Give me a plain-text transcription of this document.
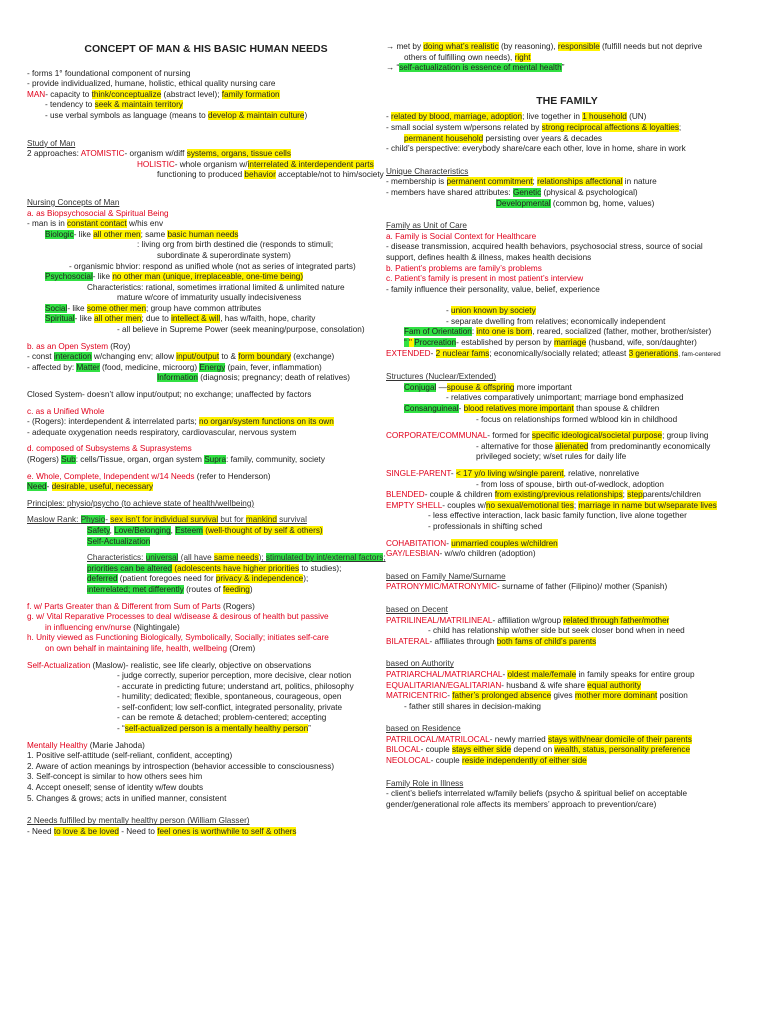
CONCEPT OF MAN & HIS BASIC HUMAN NEEDS
- forms 1° foundational component of nursing
- provide individualized, humane, holistic, ethical quality nursing care
MAN- capacity to think/conceptualize (abstract level); family formation
- tendency to seek & maintain territory
- use verbal symbols as language (means to develop & maintain culture)
Study of Man
2 approaches: ATOMISTIC- organism w/diff systems, organs, tissue cells
HOLISTIC- whole organism w/interrelated & interdependent parts
functioning to produced behavior acceptable/not to him/society
Nursing Concepts of Man
a. as Biopsychosocial & Spiritual Being
- man is in constant contact w/his env
Biologic- like all other men; same basic human needs
: living org from birth destined die (responds to stimuli;
subordinate & superordinate system)
- organismic bhvior: respond as unified whole (not as series of integrated parts)
Psychosocial- like no other man (unique, irreplaceable, one-time being)
Characteristics: rational, sometimes irrational limited & unlimited nature
mature w/core of immaturity usually indecisiveness
Social- like some other men; group have common attributes
Spiritual- like all other men; due to intellect & will, has w/faith, hope, charity
- all believe in Supreme Power (seek meaning/purpose, consolation)
b. as an Open System (Roy)
- const interaction w/changing env; allow input/output to & form boundary (exchange)
- affected by: Matter (food, medicine, microorg) Energy (pain, fever, inflammation)
Information (diagnosis; pregnancy; death of relatives)
Closed System- doesn’t allow input/output; no exchange; unaffected by factors
c. as a Unified Whole
- (Rogers): interdependent & interrelated parts; no organ/system functions on its own
- adequate oxygenation needs respiratory, cardiovascular, nervous system
d. composed of Subsystems & Suprasystems
(Rogers) Sub: cells/Tissue, organ, organ system Supra: family, community, society
e. Whole, Complete, Independent w/14 Needs (refer to Henderson)
Need- desirable, useful, necessary
Principles: physio/psycho (to achieve state of health/wellbeing)
Maslow Rank: Physio- sex isn’t for individual survival but for mankind survival
Safety, Love/Belonging, Esteem (well-thought of by self & others)
Self-Actualization
Characteristics: universal (all have same needs); stimulated by int/external factors;
priorities can be altered (adolescents have higher priorities to studies);
deferred (patient foregoes need for privacy & independence);
interrelated; met differently (routes of feeding)
f. w/ Parts Greater than & Different from Sum of Parts (Rogers)
g. w/ Vital Reparative Processes to deal w/disease & desirous of health but passive
in influencing env/nurse (Nightingale)
h. Unity viewed as Functioning Biologically, Symbolically, Socially; initiates self-care
on own behalf in maintaining life, health, wellbeing (Orem)
Self-Actualization (Maslow)- realistic, see life clearly, objective on observations
- judge correctly, superior perception, more decisive, clear notion
- accurate in predicting future; understand art, politics, philosophy
- humility; dedicated; flexible, spontaneous, courageous, open
- self-confident; low self-conflict, integrated personality, private
- can be remote & detached; problem-centered; accepting
- “self-actualized person is a mentally healthy person”
Mentally Healthy (Marie Jahoda)
1. Positive self-attitude (self-reliant, confident, accepting)
2. Aware of action meanings by introspection (behavior accessible to consciousness)
3. Self-concept is similar to how others sees him
4. Accept oneself; sense of identity w/few doubts
5. Changes & grows; acts in unified manner, consistent
2 Needs fulfilled by mentally healthy person (William Glasser)
- Need to love & be loved - Need to feel ones is worthwhile to self & others
→ met by doing what’s realistic (by reasoning), responsible (fulfill needs but not deprive
others of fulfilling own needs), right
→ “self-actualization is essence of mental health”
THE FAMILY
- related by blood, marriage, adoption; live together in 1 household (UN)
- small social system w/persons related by strong reciprocal affections & loyalties;
permanent household persisting over years & decades
- child’s perspective: everybody share/care each other, love in home, share in work
Unique Characteristics
- membership is permanent commitment; relationships affectional in nature
- members have shared attributes: Genetic (physical & psychological)
Developmental (common bg, home, values)
Family as Unit of Care
a. Family is Social Context for Healthcare
- disease transmission, acquired health behaviors, psychosocial stress, source of social
support, defines health & illness, makes health decisions
b. Patient’s problems are family’s problems
c. Patient’s family is present in most patient’s interview
- family influence their personality, value, belief, experience
- union known by society
- separate dwelling from relatives; economically independent
Fam of Orientation: into one is born, reared, socialized (father, mother, brother/sister)
“ " Procreation- established by person by marriage (husband, wife, son/daughter)
EXTENDED- 2 nuclear fams; economically/socially related; atleast 3 generations, fam-centered
Structures (Nuclear/Extended)
Conjugal —spouse & offspring more important
- relatives comparatively unimportant; marriage bond emphasized
Consanguineal- blood relatives more important than spouse & children
- focus on relationships formed w/blood kin in childhood
CORPORATE/COMMUNAL- formed for specific ideological/societal purpose; group living
- alternative for those alienated from predominantly economically
privileged society; w/set rules for daily life
SINGLE-PARENT- < 17 y/o living w/single parent, relative, nonrelative
- from loss of spouse, birth out-of-wedlock, adoption
BLENDED- couple & children from existing/previous relationships; stepparents/children
EMPTY SHELL- couples w/no sexual/emotional ties; marriage in name but w/separate lives
- less effective interaction, lack basic family function, live alone together
- professionals in shifting sched
COHABITATION- unmarried couples w/children
GAY/LESBIAN- w/w/o children (adoption)
based on Family Name/Surname
PATRONYMIC/MATRONYMIC- surname of father (Filipino)/ mother (Spanish)
based on Decent
PATRILINEAL/MATRILINEAL- affiliation w/group related through father/mother
- child has relationship w/other side but seek closer bond when in need
BILATERAL- affiliates through both fams of child’s parents
based on Authority
PATRIARCHAL/MATRIARCHAL- oldest male/female in family speaks for entire group
EQUALITARIAN/EGALITARIAN- husband & wife share equal authority
MATRICENTRIC- father’s prolonged absence gives mother more dominant position
- father still shares in decision-making
based on Residence
PATRILOCAL/MATRILOCAL- newly married stays with/near domicile of their parents
BILOCAL- couple stays either side depend on wealth, status, personality preference
NEOLOCAL- couple reside independently of either side
Family Role in Illness
- client’s beliefs interrelated w/family beliefs (psycho & spiritual belief on acceptable
gender/generational role affects its members’ approach to prevention/care)
